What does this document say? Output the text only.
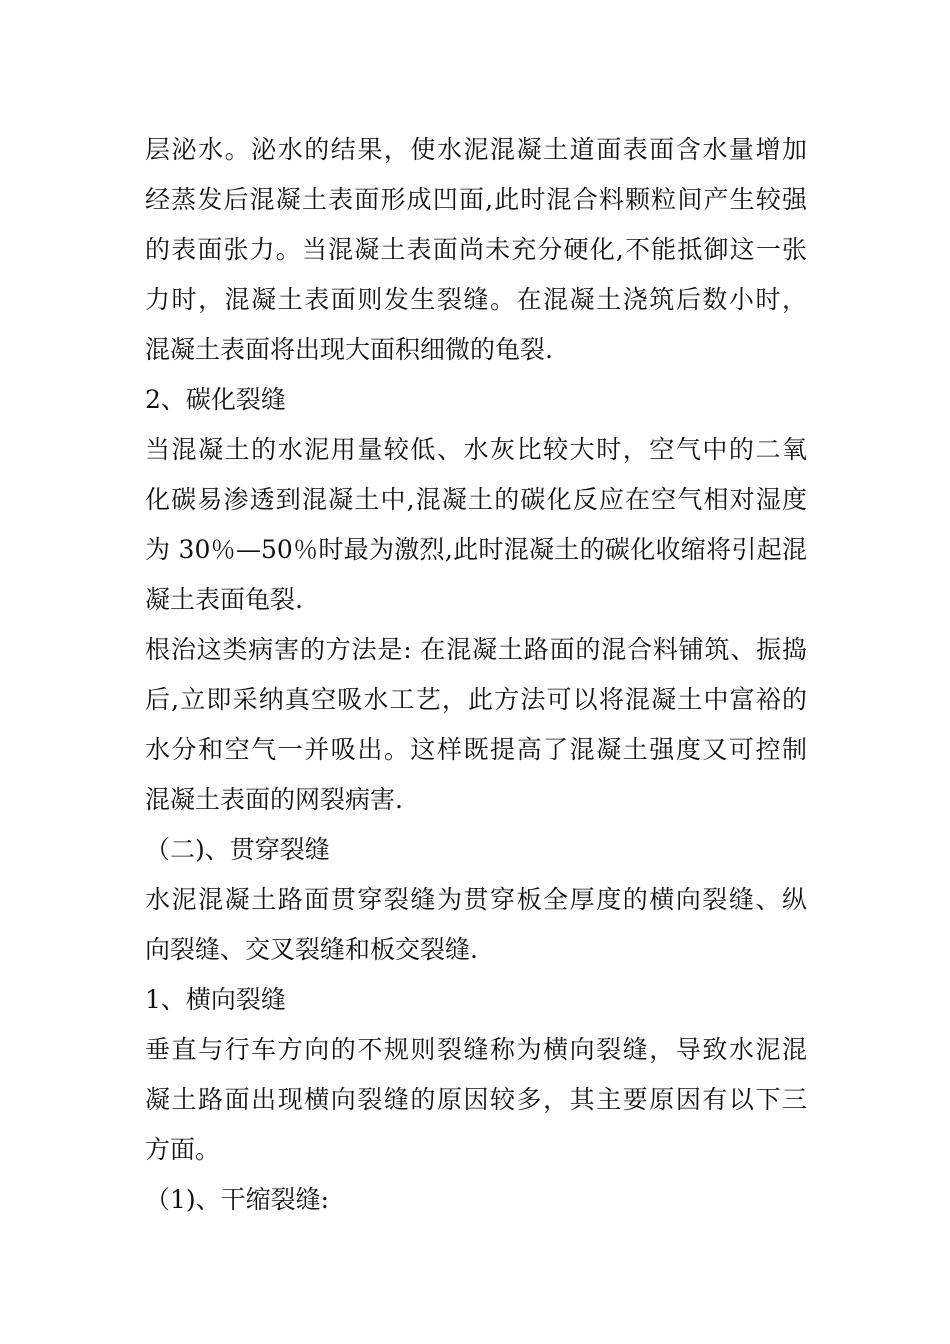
层泌水。泌水的结果，使水泥混凝土道面表面含水量增加
经蒸发后混凝土表面形成凹面,此时混合料颗粒间产生较强
的表面张力。当混凝土表面尚未充分硬化,不能抵御这一张
力时，混凝土表面则发生裂缝。在混凝土浇筑后数小时，
混凝土表面将出现大面积细微的龟裂.
2、碳化裂缝
当混凝土的水泥用量较低、水灰比较大时，空气中的二氧
化碳易渗透到混凝土中,混凝土的碳化反应在空气相对湿度
为 30％—50％时最为激烈,此时混凝土的碳化收缩将引起混
凝土表面龟裂.
根治这类病害的方法是: 在混凝土路面的混合料铺筑、振捣
后,立即采纳真空吸水工艺，此方法可以将混凝土中富裕的
水分和空气一并吸出。这样既提高了混凝土强度又可控制
混凝土表面的网裂病害.
（二)、贯穿裂缝
水泥混凝土路面贯穿裂缝为贯穿板全厚度的横向裂缝、纵
向裂缝、交叉裂缝和板交裂缝.
1、横向裂缝
垂直与行车方向的不规则裂缝称为横向裂缝，导致水泥混
凝土路面出现横向裂缝的原因较多，其主要原因有以下三
方面。
（1)、干缩裂缝:
